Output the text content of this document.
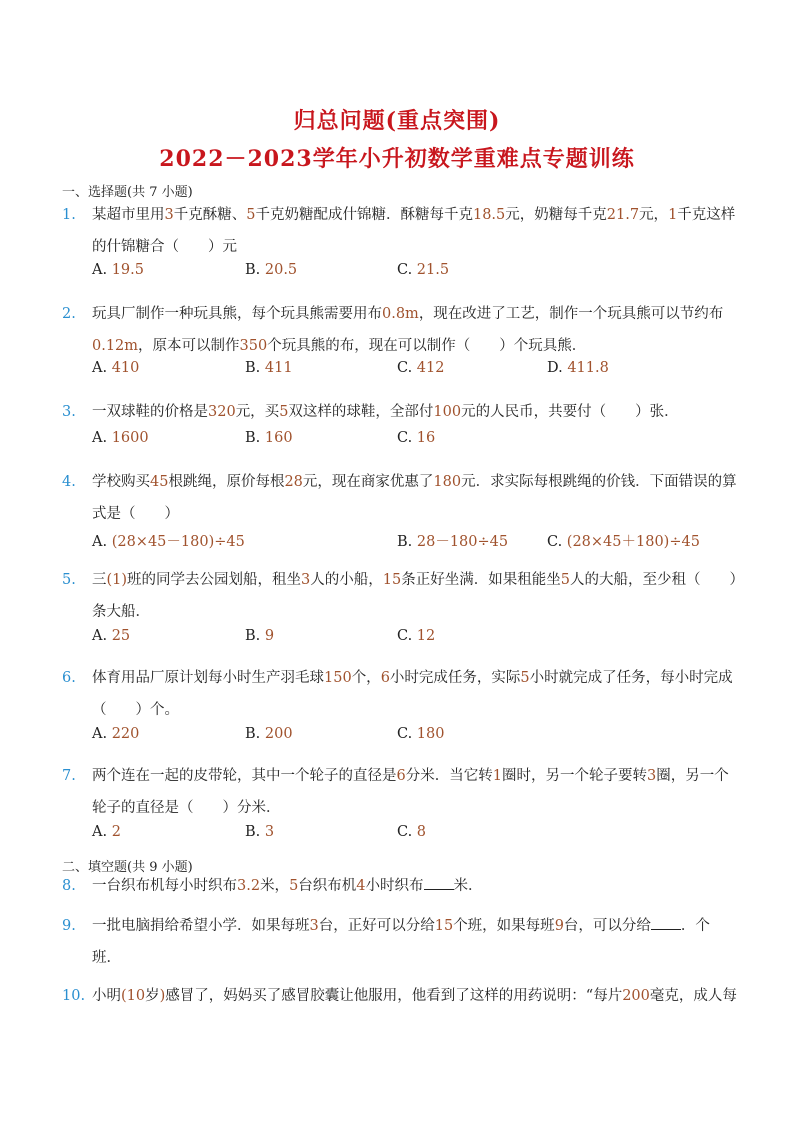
归总问题(重点突围)
2022－2023学年小升初数学重难点专题训练
一、选择题(共 7 小题)
1.	某超市里用3千克酥糖、5千克奶糖配成什锦糖．酥糖每千克18.5元，奶糖每千克21.7元，1千克这样的什锦糖合（　　）元
A. 19.5	B. 20.5	C. 21.5
2.	玩具厂制作一种玩具熊，每个玩具熊需要用布0.8m，现在改进了工艺，制作一个玩具熊可以节约布0.12m，原本可以制作350个玩具熊的布，现在可以制作（　　）个玩具熊．
A. 410	B. 411	C. 412	D. 411.8
3.	一双球鞋的价格是320元，买5双这样的球鞋，全部付100元的人民币，共要付（　　）张．
A. 1600	B. 160	C. 16
4.	学校购买45根跳绳，原价每根28元，现在商家优惠了180元．求实际每根跳绳的价钱．下面错误的算式是（　　）
A. (28×45－180)÷45	B. 28－180÷45	C. (28×45＋180)÷45
5.	三(1)班的同学去公园划船，租坐3人的小船，15条正好坐满．如果租能坐5人的大船，至少租（　　）条大船．
A. 25	B. 9	C. 12
6.	体育用品厂原计划每小时生产羽毛球150个，6小时完成任务，实际5小时就完成了任务，每小时完成（　　）个。
A. 220	B. 200	C. 180
7.	两个连在一起的皮带轮，其中一个轮子的直径是6分米．当它转1圈时，另一个轮子要转3圈，另一个轮子的直径是（　　）分米．
A. 2	B. 3	C. 8
二、填空题(共 9 小题)
8.	一台织布机每小时织布3.2米，5台织布机4小时织布 米．
9.	一批电脑捐给希望小学．如果每班3台，正好可以分给15个班，如果每班9台，可以分给 ．个班．
10. 小明(10岁)感冒了，妈妈买了感冒胶囊让他服用，他看到了这样的用药说明：“每片200毫克，成人每
